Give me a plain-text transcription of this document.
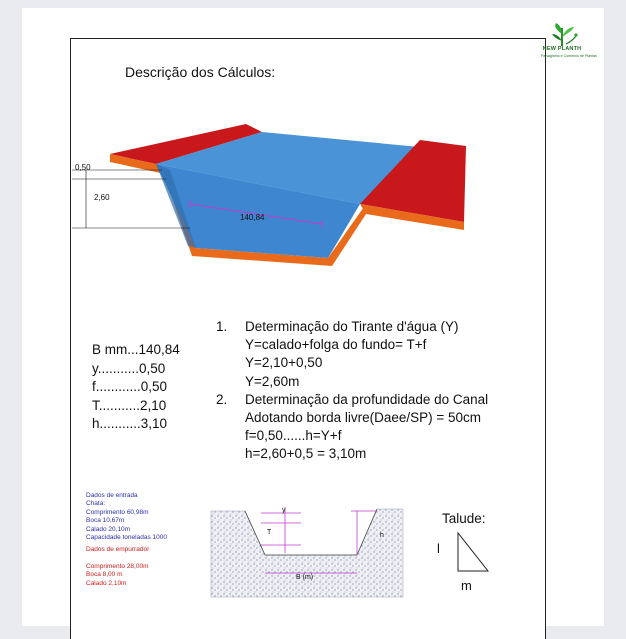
NEW PLANTH
Paisagismo e Comercio de Plantas
Descrição dos Cálculos:
0,50
2,60
140,84
B mm...140,84
y...........0,50
f............0,50
T...........2,10
h...........3,10
1. Determinação do Tirante d'água (Y)
Y=calado+folga do fundo= T+f
Y=2,10+0,50
Y=2,60m
2. Determinação da profundidade do Canal
Adotando borda livre(Daee/SP) = 50cm
f=0,50......h=Y+f
h=2,60+0,5 = 3,10m
Dados de entrada
Chata:
Comprimento 60,98m
Boca 10,67m
Calado 20,10m
Capacidade toneladas 1000
Dados de empurrador
Comprimento 28,00m
Boca 8,00 m
Calado 2,10m
y
T	h
B (m)
Talude:
l
m
